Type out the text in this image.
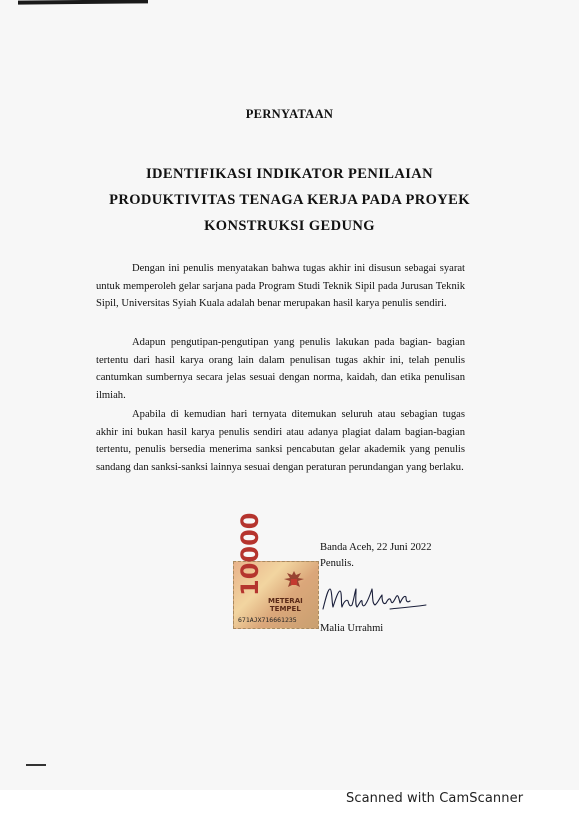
PERNYATAAN
IDENTIFIKASI INDIKATOR PENILAIAN
PRODUKTIVITAS TENAGA KERJA PADA PROYEK
KONSTRUKSI GEDUNG

Dengan ini penulis menyatakan bahwa tugas akhir ini disusun sebagai syarat untuk memperoleh gelar sarjana pada Program Studi Teknik Sipil pada Jurusan Teknik Sipil, Universitas Syiah Kuala adalah benar merupakan hasil karya penulis sendiri.

Adapun pengutipan-pengutipan yang penulis lakukan pada bagian- bagian tertentu dari hasil karya orang lain dalam penulisan tugas akhir ini, telah penulis cantumkan sumbernya secara jelas sesuai dengan norma, kaidah, dan etika penulisan ilmiah.

Apabila di kemudian hari ternyata ditemukan seluruh atau sebagian tugas akhir ini bukan hasil karya penulis sendiri atau adanya plagiat dalam bagian-bagian tertentu, penulis bersedia menerima sanksi pencabutan gelar akademik yang penulis sandang dan sanksi-sanksi lainnya sesuai dengan peraturan perundangan yang berlaku.

Banda Aceh, 22 Juni 2022
Penulis.
10000
METERAI
TEMPEL
671AJX716661235
Malia Urrahmi
Scanned with CamScanner
